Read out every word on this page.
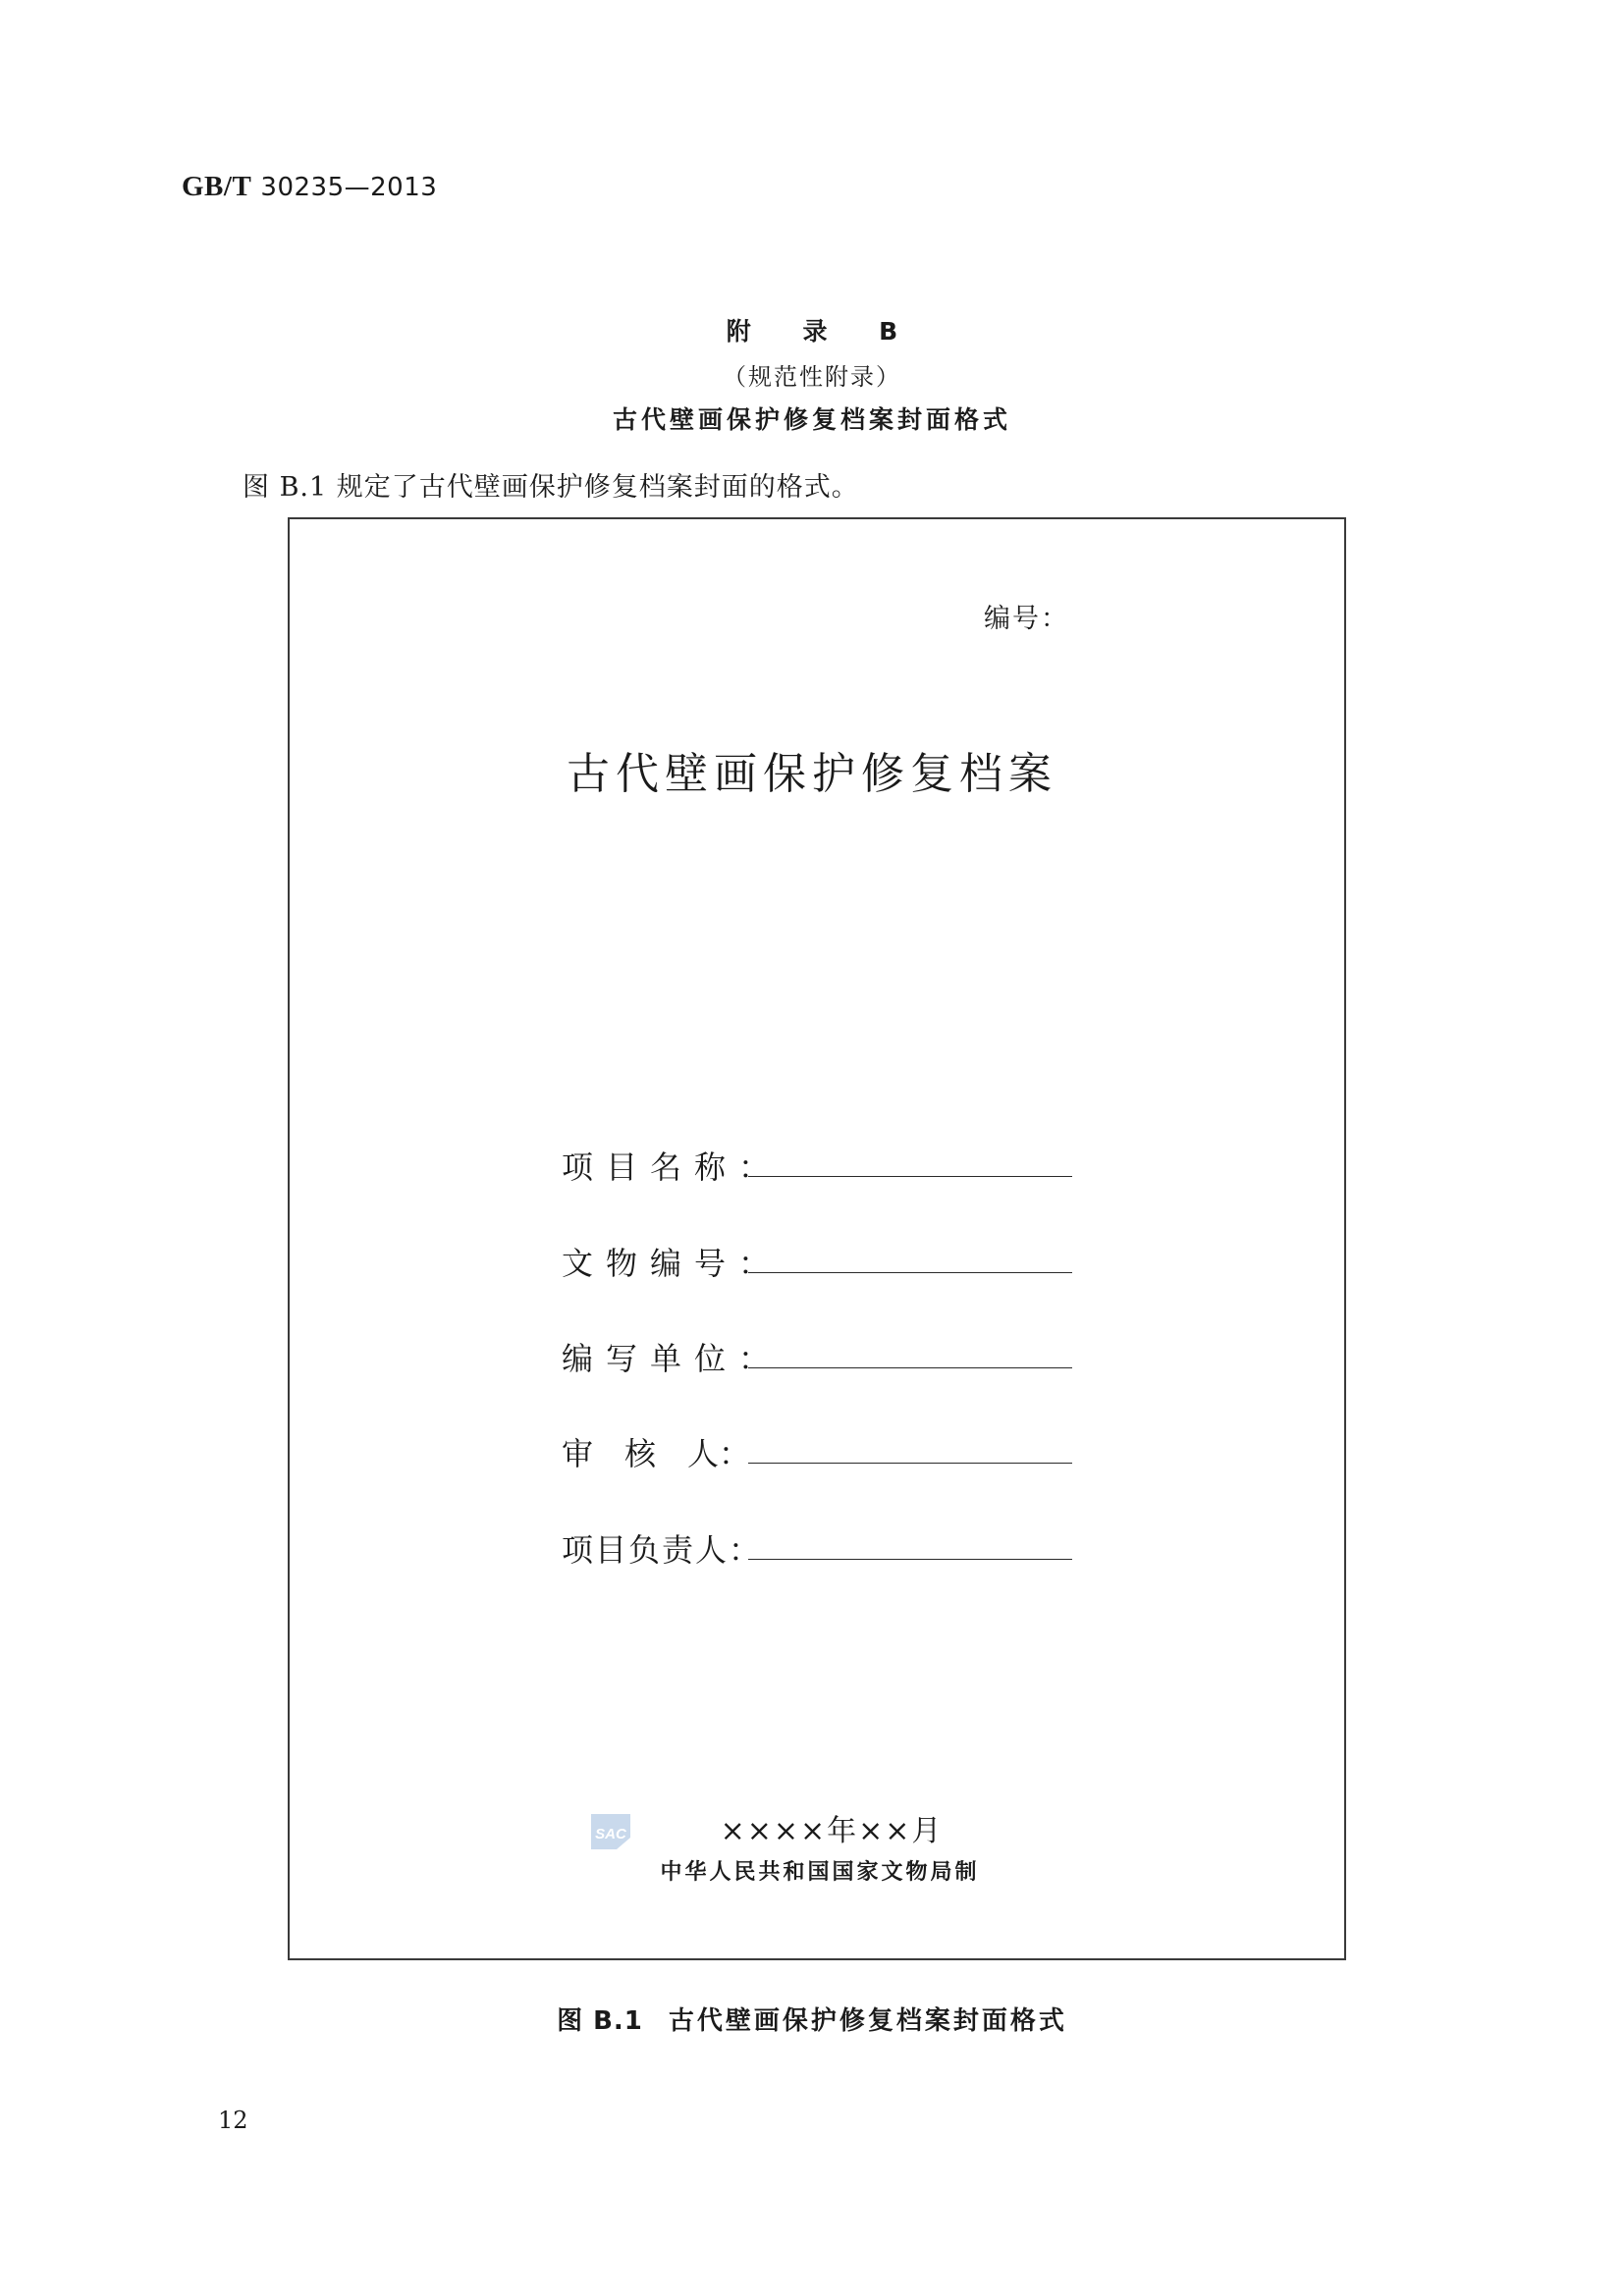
GB/T 30235—2013
附 录 B
（规范性附录）
古代壁画保护修复档案封面格式
图 B.1 规定了古代壁画保护修复档案封面的格式。
编号：
古代壁画保护修复档案
项目名称：
文物编号：
编写单位：
审　核　人：
项目负责人：
SAC	××××年××月
中华人民共和国国家文物局制
图 B.1 古代壁画保护修复档案封面格式
12
